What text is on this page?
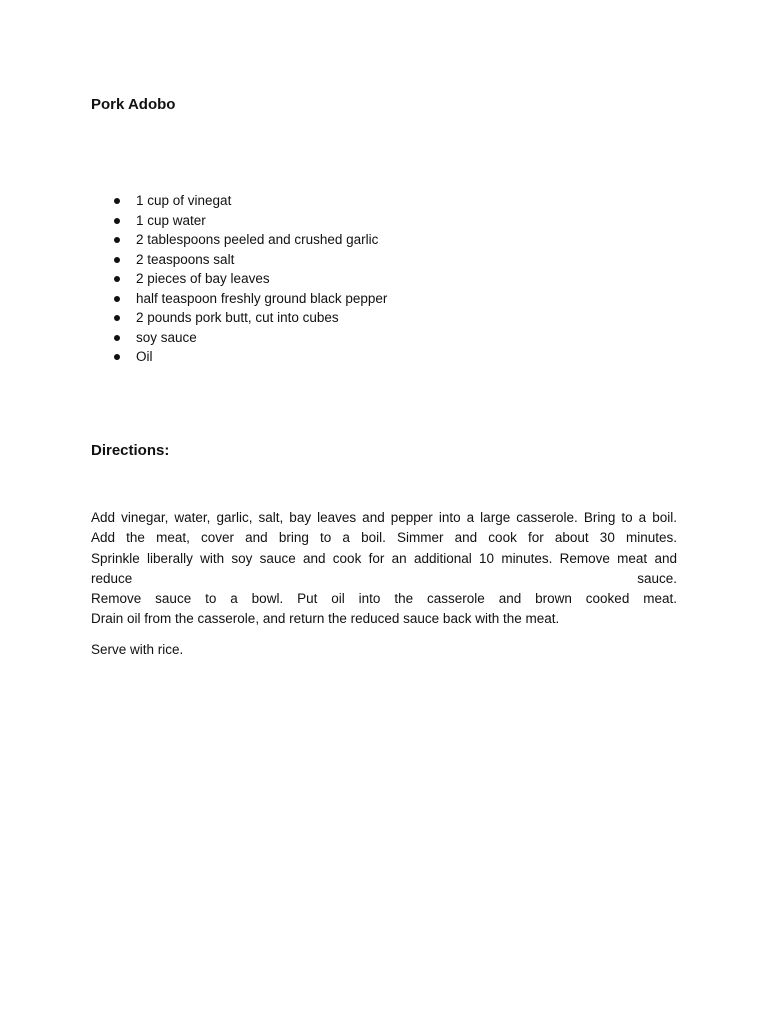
Pork Adobo
1 cup of vinegat
1 cup water
2 tablespoons peeled and crushed garlic
2 teaspoons salt
2 pieces of bay leaves
half teaspoon freshly ground black pepper
2 pounds pork butt, cut into cubes
soy sauce
Oil
Directions:
Add vinegar, water, garlic, salt, bay leaves and pepper into a large casserole. Bring to a boil.
Add the meat, cover and bring to a boil. Simmer and cook for about 30 minutes.
Sprinkle liberally with soy sauce and cook for an additional 10 minutes. Remove meat and
reduce sauce.
Remove sauce to a bowl. Put oil into the casserole and brown cooked meat.
Drain oil from the casserole, and return the reduced sauce back with the meat.

Serve with rice.
